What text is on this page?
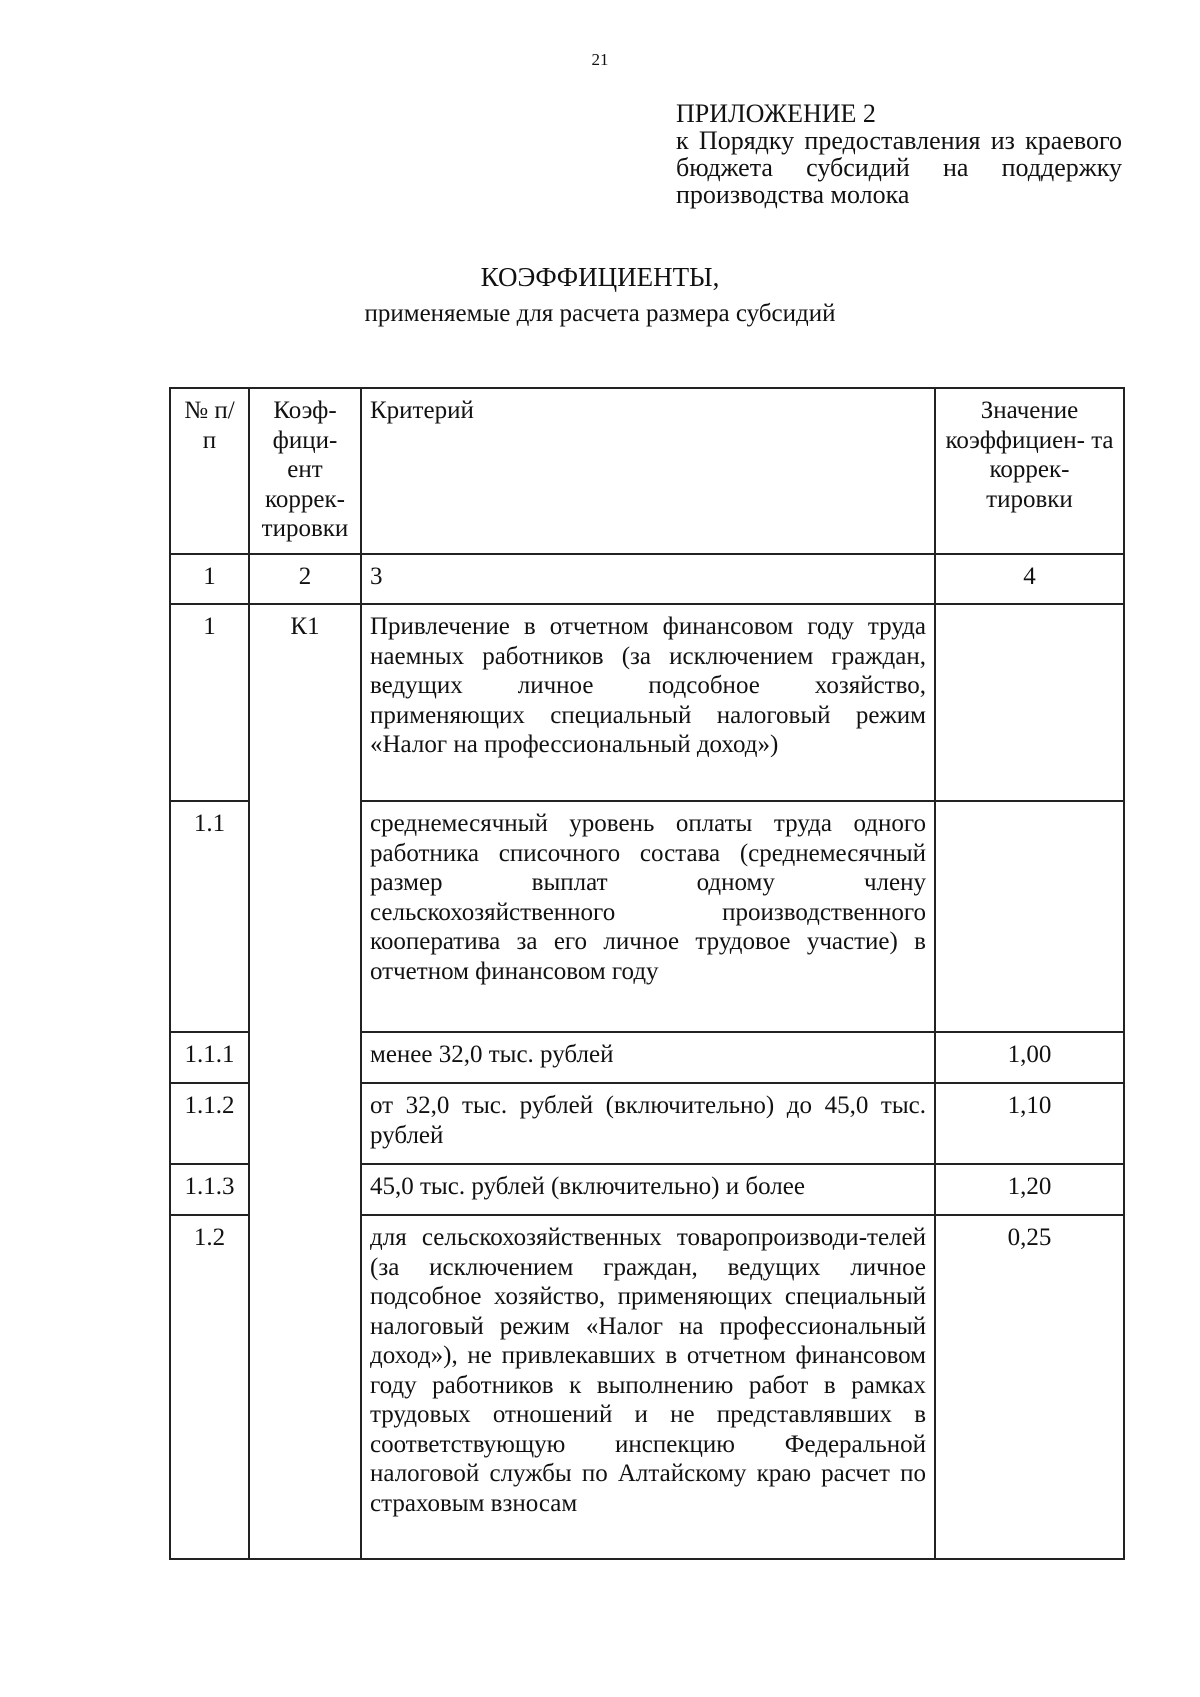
21
ПРИЛОЖЕНИЕ 2
к Порядку предоставления из краевого бюджета субсидий на поддержку производства молока
КОЭФФИЦИЕНТЫ,
применяемые для расчета размера субсидий
№ п/п	Коэф- фици- ент коррек- тировки	Критерий	Значение коэффициен- та коррек- тировки
1	2	3	4
1	К1	Привлечение в отчетном финансовом году труда наемных работников (за исключением граждан, ведущих личное подсобное хозяйство, применяющих специальный налоговый режим «Налог на профессиональный доход»)	
1.1		среднемесячный уровень оплаты труда одного работника списочного состава (среднемесячный размер выплат одному члену сельскохозяйственного производственного кооператива за его личное трудовое участие) в отчетном финансовом году	
1.1.1		менее 32,0 тыс. рублей	1,00
1.1.2		от 32,0 тыс. рублей (включительно) до 45,0 тыс. рублей	1,10
1.1.3		45,0 тыс. рублей (включительно) и более	1,20
1.2		для сельскохозяйственных товаропроизводи-телей (за исключением граждан, ведущих личное подсобное хозяйство, применяющих специальный налоговый режим «Налог на профессиональный доход»), не привлекавших в отчетном финансовом году работников к выполнению работ в рамках трудовых отношений и не представлявших в соответствующую инспекцию Федеральной налоговой службы по Алтайскому краю расчет по страховым взносам	0,25
